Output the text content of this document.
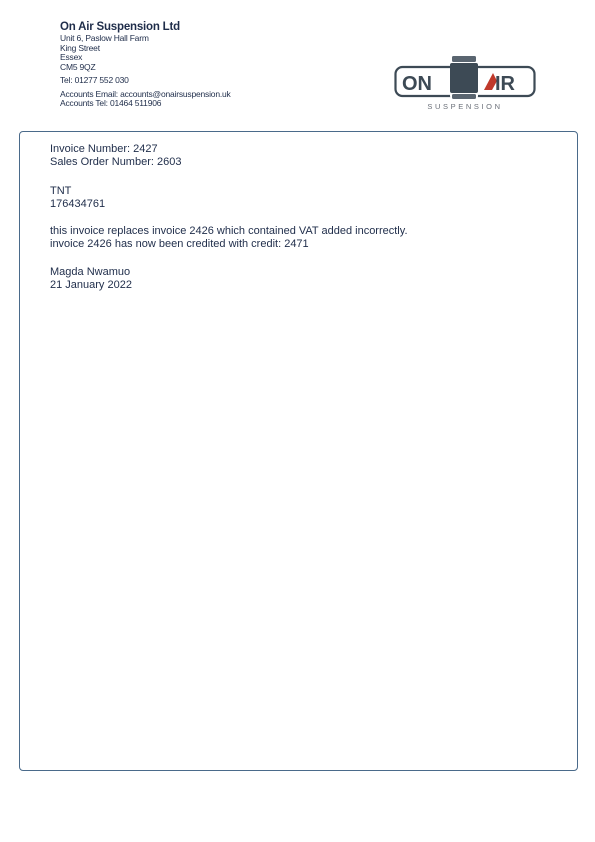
On Air Suspension Ltd
Unit 6, Paslow Hall Farm
King Street
Essex
CM5 9QZ
Tel: 01277 552 030
Accounts Email: accounts@onairsuspension.uk
Accounts Tel: 01464 511906
ON	IR
SUSPENSION
Invoice Number: 2427
Sales Order Number: 2603
TNT
176434761
this invoice replaces invoice 2426 which contained VAT added incorrectly.
invoice 2426 has now been credited with credit: 2471
Magda Nwamuo
21 January 2022
